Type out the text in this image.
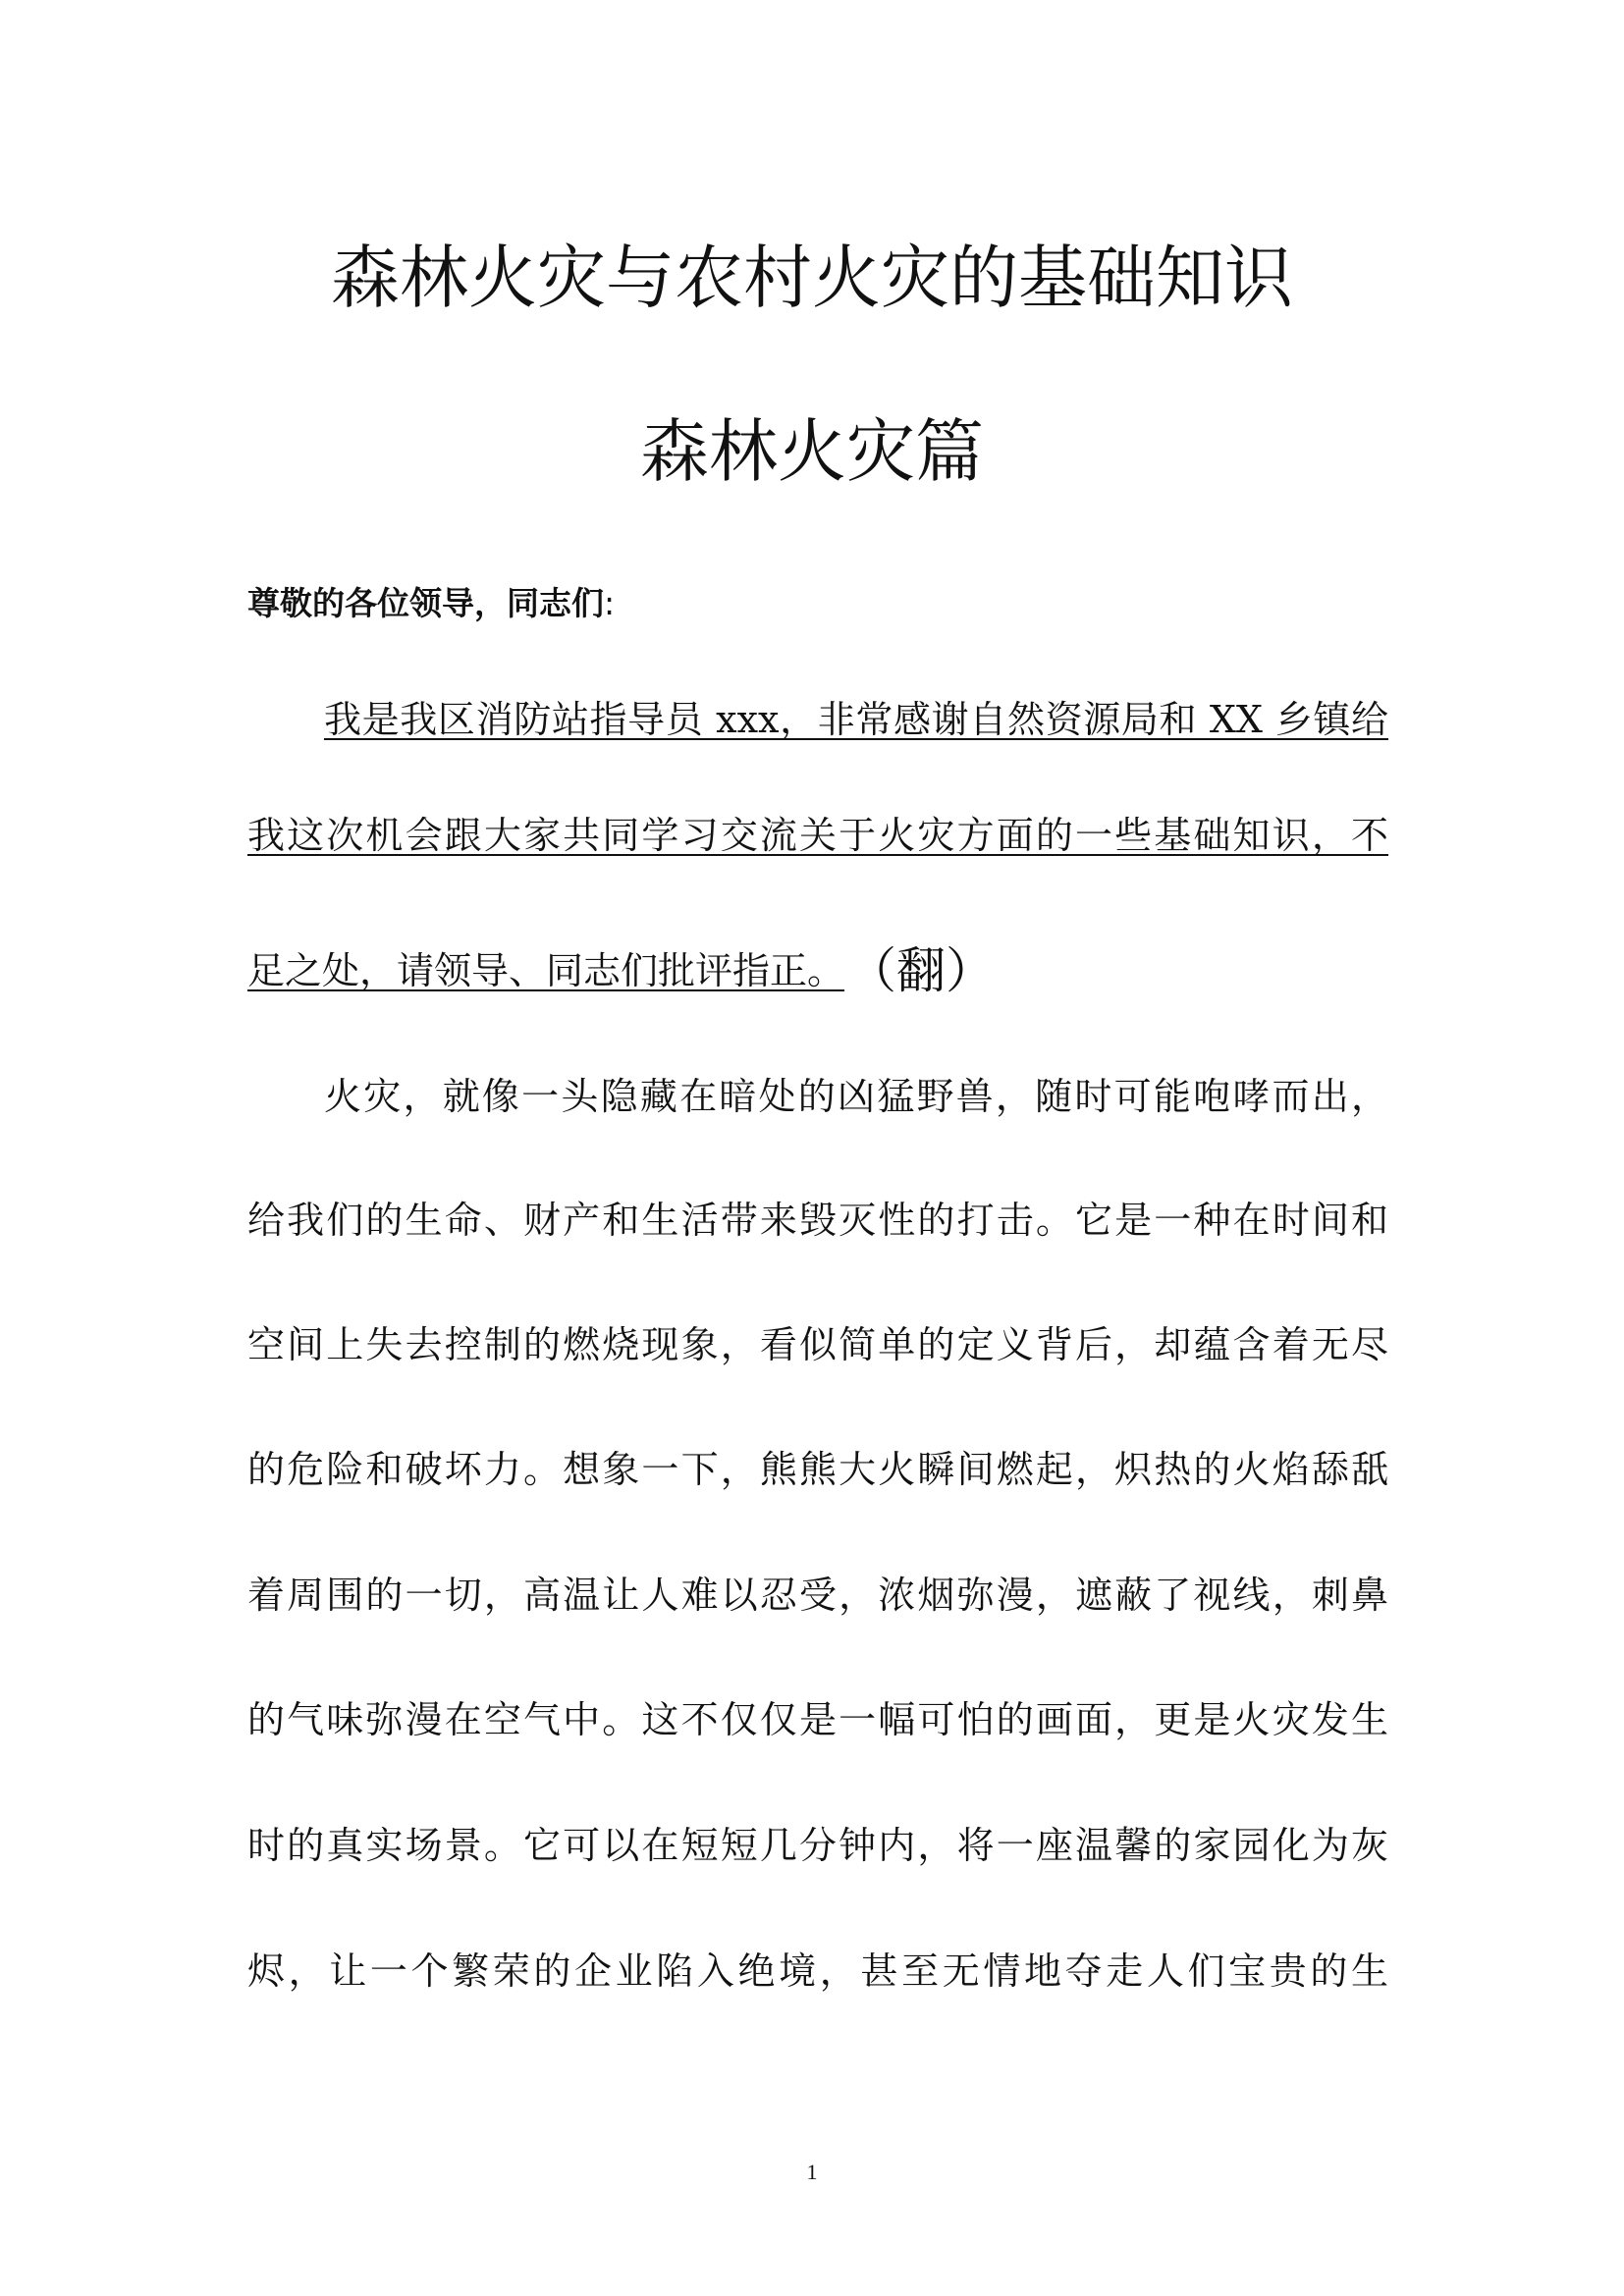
森林火灾与农村火灾的基础知识
森林火灾篇

尊敬的各位领导，同志们:

我是我区消防站指导员 xxx，非常感谢自然资源局和 XX 乡镇给

我这次机会跟大家共同学习交流关于火灾方面的一些基础知识，不

足之处，请领导、同志们批评指正。 （翻）

火灾，就像一头隐藏在暗处的凶猛野兽，随时可能咆哮而出，

给我们的生命、财产和生活带来毁灭性的打击。它是一种在时间和

空间上失去控制的燃烧现象，看似简单的定义背后，却蕴含着无尽

的危险和破坏力。想象一下，熊熊大火瞬间燃起，炽热的火焰舔舐

着周围的一切，高温让人难以忍受，浓烟弥漫，遮蔽了视线，刺鼻

的气味弥漫在空气中。这不仅仅是一幅可怕的画面，更是火灾发生

时的真实场景。它可以在短短几分钟内，将一座温馨的家园化为灰

烬，让一个繁荣的企业陷入绝境，甚至无情地夺走人们宝贵的生

1
